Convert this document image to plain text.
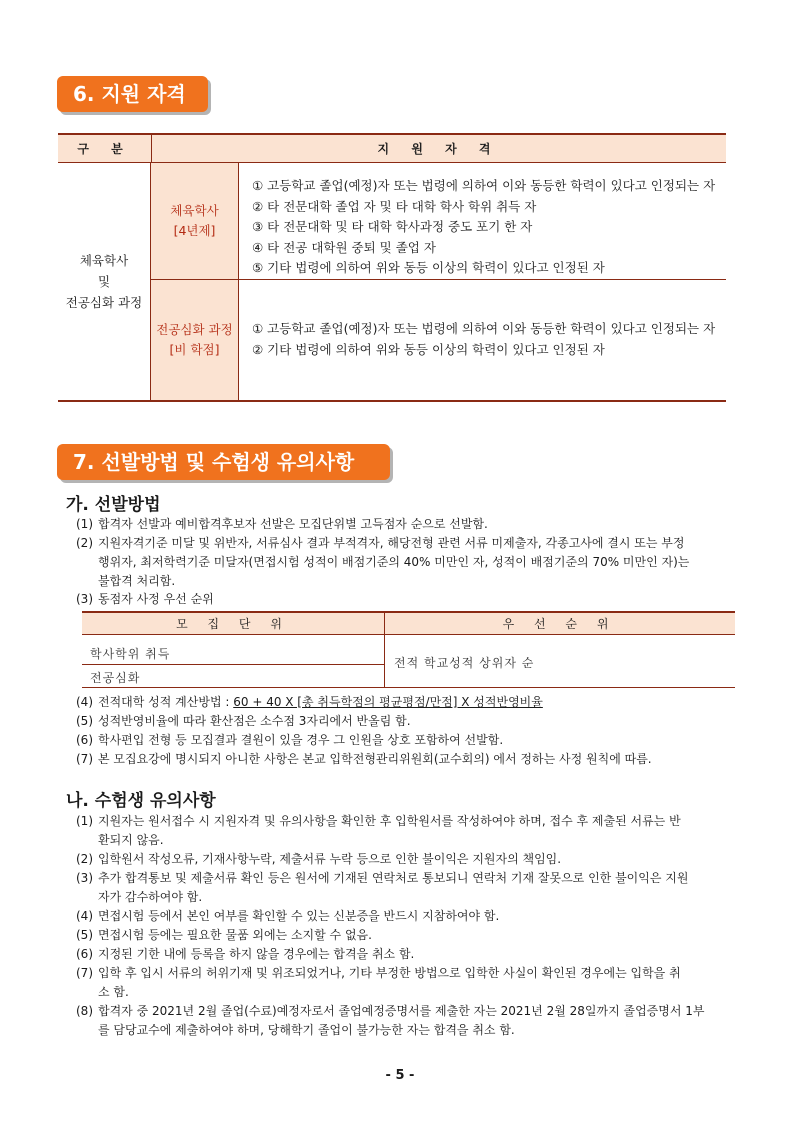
6. 지원 자격
구 분	지 원 자 격
체육학사
및
전공심화 과정
체육학사
[4년제]
전공심화 과정
[비 학점]
① 고등학교 졸업(예정)자 또는 법령에 의하여 이와 동등한 학력이 있다고 인정되는 자
② 타 전문대학 졸업 자 및 타 대학 학사 학위 취득 자
③ 타 전문대학 및 타 대학 학사과정 중도 포기 한 자
④ 타 전공 대학원 중퇴 및 졸업 자
⑤ 기타 법령에 의하여 위와 동등 이상의 학력이 있다고 인정된 자
① 고등학교 졸업(예정)자 또는 법령에 의하여 이와 동등한 학력이 있다고 인정되는 자
② 기타 법령에 의하여 위와 동등 이상의 학력이 있다고 인정된 자
7. 선발방법 및 수험생 유의사항
가. 선발방법
(1) 합격자 선발과 예비합격후보자 선발은 모집단위별 고득점자 순으로 선발함.
(2) 지원자격기준 미달 및 위반자, 서류심사 결과 부적격자, 해당전형 관련 서류 미제출자, 각종고사에 결시 또는 부정
행위자, 최저학력기준 미달자(면접시험 성적이 배점기준의 40% 미만인 자, 성적이 배점기준의 70% 미만인 자)는
불합격 처리함.
(3) 동점자 사정 우선 순위
모 집 단 위	우 선 순 위
학사학위 취득
전공심화
전적 학교성적 상위자 순
(4) 전적대학 성적 계산방법 : 60 + 40 X [총 취득학점의 평균평점/만점] X 성적반영비율
(5) 성적반영비율에 따라 환산점은 소수점 3자리에서 반올림 함.
(6) 학사편입 전형 등 모집결과 결원이 있을 경우 그 인원을 상호 포함하여 선발함.
(7) 본 모집요강에 명시되지 아니한 사항은 본교 입학전형관리위원회(교수회의) 에서 정하는 사정 원칙에 따름.
나. 수험생 유의사항
(1) 지원자는 원서접수 시 지원자격 및 유의사항을 확인한 후 입학원서를 작성하여야 하며, 접수 후 제출된 서류는 반
환되지 않음.
(2) 입학원서 작성오류, 기재사항누락, 제출서류 누락 등으로 인한 불이익은 지원자의 책임임.
(3) 추가 합격통보 및 제출서류 확인 등은 원서에 기재된 연락처로 통보되니 연락처 기재 잘못으로 인한 불이익은 지원
자가 감수하여야 함.
(4) 면접시험 등에서 본인 여부를 확인할 수 있는 신분증을 반드시 지참하여야 함.
(5) 면접시험 등에는 필요한 물품 외에는 소지할 수 없음.
(6) 지정된 기한 내에 등록을 하지 않을 경우에는 합격을 취소 함.
(7) 입학 후 입시 서류의 허위기재 및 위조되었거나, 기타 부정한 방법으로 입학한 사실이 확인된 경우에는 입학을 취
소 함.
(8) 합격자 중 2021년 2월 졸업(수료)예정자로서 졸업예정증명서를 제출한 자는 2021년 2월 28일까지 졸업증명서 1부
를 담당교수에 제출하여야 하며, 당해학기 졸업이 불가능한 자는 합격을 취소 함.
- 5 -
